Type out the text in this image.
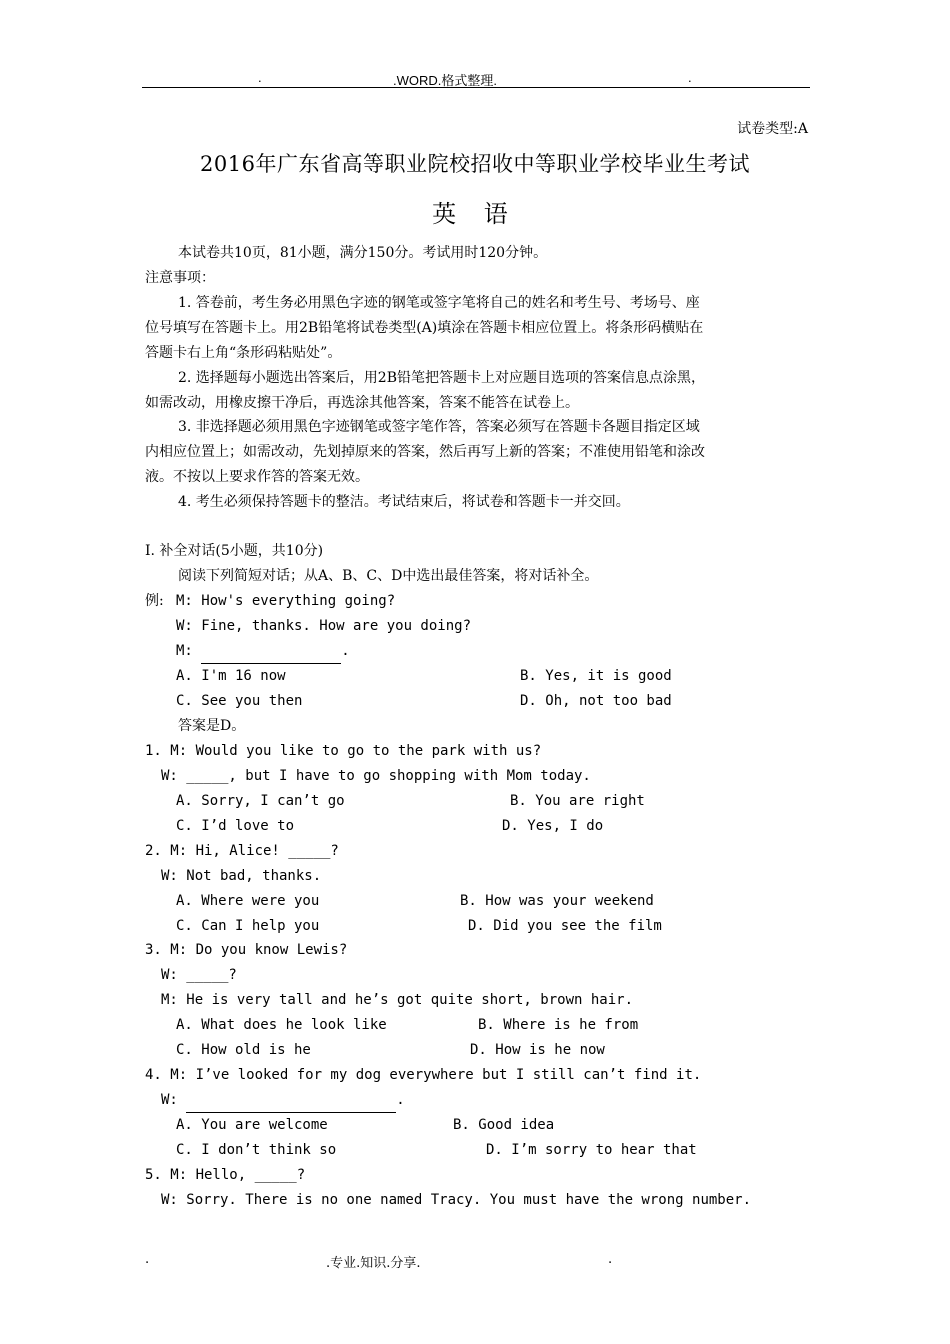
.	.WORD.格式整理.	.
试卷类型:A
2016年广东省高等职业院校招收中等职业学校毕业生考试
英 语
本试卷共10页，81小题，满分150分。考试用时120分钟。
注意事项：
1. 答卷前，考生务必用黑色字迹的钢笔或签字笔将自己的姓名和考生号、考场号、座
位号填写在答题卡上。用2B铅笔将试卷类型(A)填涂在答题卡相应位置上。将条形码横贴在
答题卡右上角“条形码粘贴处”。
2. 选择题每小题选出答案后，用2B铅笔把答题卡上对应题目选项的答案信息点涂黑，
如需改动，用橡皮擦干净后，再选涂其他答案，答案不能答在试卷上。
3. 非选择题必须用黑色字迹钢笔或签字笔作答，答案必须写在答题卡各题目指定区域
内相应位置上；如需改动，先划掉原来的答案，然后再写上新的答案；不准使用铅笔和涂改
液。不按以上要求作答的答案无效。
4. 考生必须保持答题卡的整洁。考试结束后，将试卷和答题卡一并交回。
Ⅰ. 补全对话(5小题，共10分)
阅读下列简短对话；从A、B、C、D中选出最佳答案，将对话补全。
例: M: How's everything going?
W: Fine, thanks. How are you doing?
M:	.
A. I'm 16 now	B. Yes, it is good
C. See you then	D. Oh, not too bad
答案是D。
1. M: Would you like to go to the park with us?
W: _____, but I have to go shopping with Mom today.
A. Sorry, I can’t go	B. You are right
C. I’d love to	D. Yes, I do
2. M: Hi, Alice! _____?
W: Not bad, thanks.
A. Where were you	B. How was your weekend
C. Can I help you	D. Did you see the film
3. M: Do you know Lewis?
W: _____?
M: He is very tall and he’s got quite short, brown hair.
A. What does he look like	B. Where is he from
C. How old is he	D. How is he now
4. M: I’ve looked for my dog everywhere but I still can’t find it.
W:	.
A. You are welcome	B. Good idea
C. I don’t think so	D. I’m sorry to hear that
5. M: Hello, _____?
W: Sorry. There is no one named Tracy. You must have the wrong number.
.	.专业.知识.分享.	.
